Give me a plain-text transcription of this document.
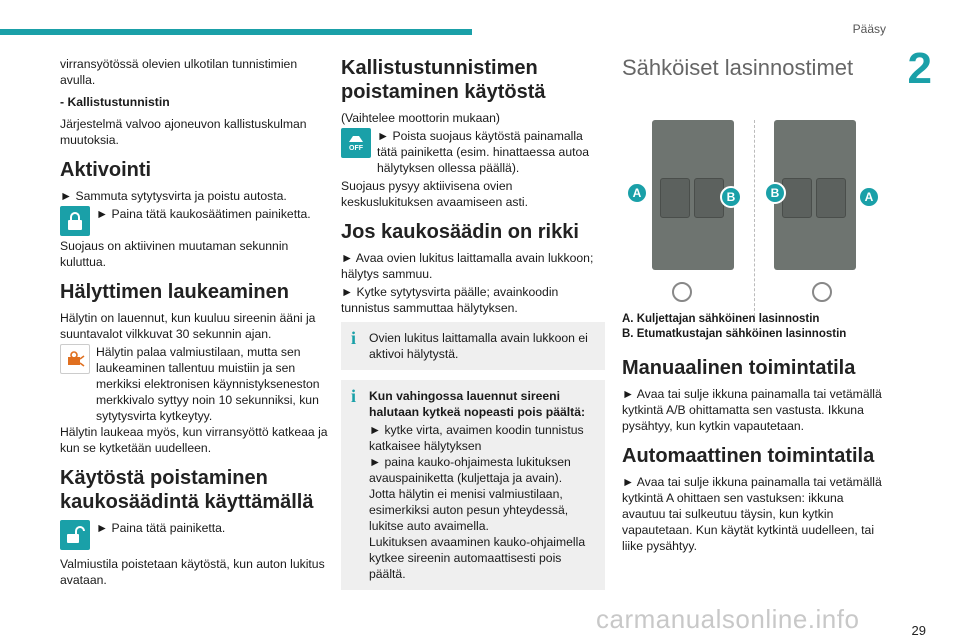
Pääsy
2
29
carmanualsonline.info

virransyötössä olevien ulkotilan tunnistimien avulla.

- Kallistustunnistin

Järjestelmä valvoo ajoneuvon kallistuskulman muutoksia.

Aktivointi

► Sammuta sytytysvirta ja poistu autosta.

► Paina tätä kaukosäätimen painiketta.

Suojaus on aktiivinen muutaman sekunnin kuluttua.

Hälyttimen laukeaminen

Hälytin on lauennut, kun kuuluu sireenin ääni ja suuntavalot vilkkuvat 30 sekunnin ajan.

Hälytin palaa valmiustilaan, mutta sen laukeaminen tallentuu muistiin ja sen merkiksi elektronisen käynnistykseneston merkkivalo syttyy noin 10 sekunniksi, kun sytytysvirta kytkeytyy.

Hälytin laukeaa myös, kun virransyöttö katkeaa ja kun se kytketään uudelleen.

Käytöstä poistaminen kaukosäädintä käyttämällä
► Paina tätä painiketta.

Valmiustila poistetaan käytöstä, kun auton lukitus avataan.

Kallistustunnistimen poistaminen käytöstä

(Vaihtelee moottorin mukaan)

OFF
► Poista suojaus käytöstä painamalla tätä painiketta (esim. hinattaessa autoa hälytyksen ollessa päällä).

Suojaus pysyy aktiivisena ovien keskuslukituksen avaamiseen asti.

Jos kaukosäädin on rikki

► Avaa ovien lukitus laittamalla avain lukkoon; hälytys sammuu.

► Kytke sytytysvirta päälle; avainkoodin tunnistus sammuttaa hälytyksen.

i	Ovien lukitus laittamalla avain lukkoon ei aktivoi hälytystä.
i	Kun vahingossa lauennut sireeni halutaan kytkeä nopeasti pois päältä:

► kytke virta, avaimen koodin tunnistus katkaisee hälytyksen
► paina kauko-ohjaimesta lukituksen avauspainiketta (kuljettaja ja avain).
Jotta hälytin ei menisi valmiustilaan, esimerkiksi auton pesun yhteydessä, lukitse auto avaimella.
Lukituksen avaaminen kauko-ohjaimella kytkee sireenin automaattisesti pois päältä.
Sähköiset lasinnostimet
A	B	B	A
A. Kuljettajan sähköinen lasinnostin
B. Etumatkustajan sähköinen lasinnostin
Manuaalinen toimintatila

► Avaa tai sulje ikkuna painamalla tai vetämällä kytkintä A/B ohittamatta sen vastusta. Ikkuna pysähtyy, kun kytkin vapautetaan.

Automaattinen toimintatila

► Avaa tai sulje ikkuna painamalla tai vetämällä kytkintä A ohittaen sen vastuksen: ikkuna avautuu tai sulkeutuu täysin, kun kytkin vapautetaan. Kun käytät kytkintä uudelleen, tai liike pysähtyy.
